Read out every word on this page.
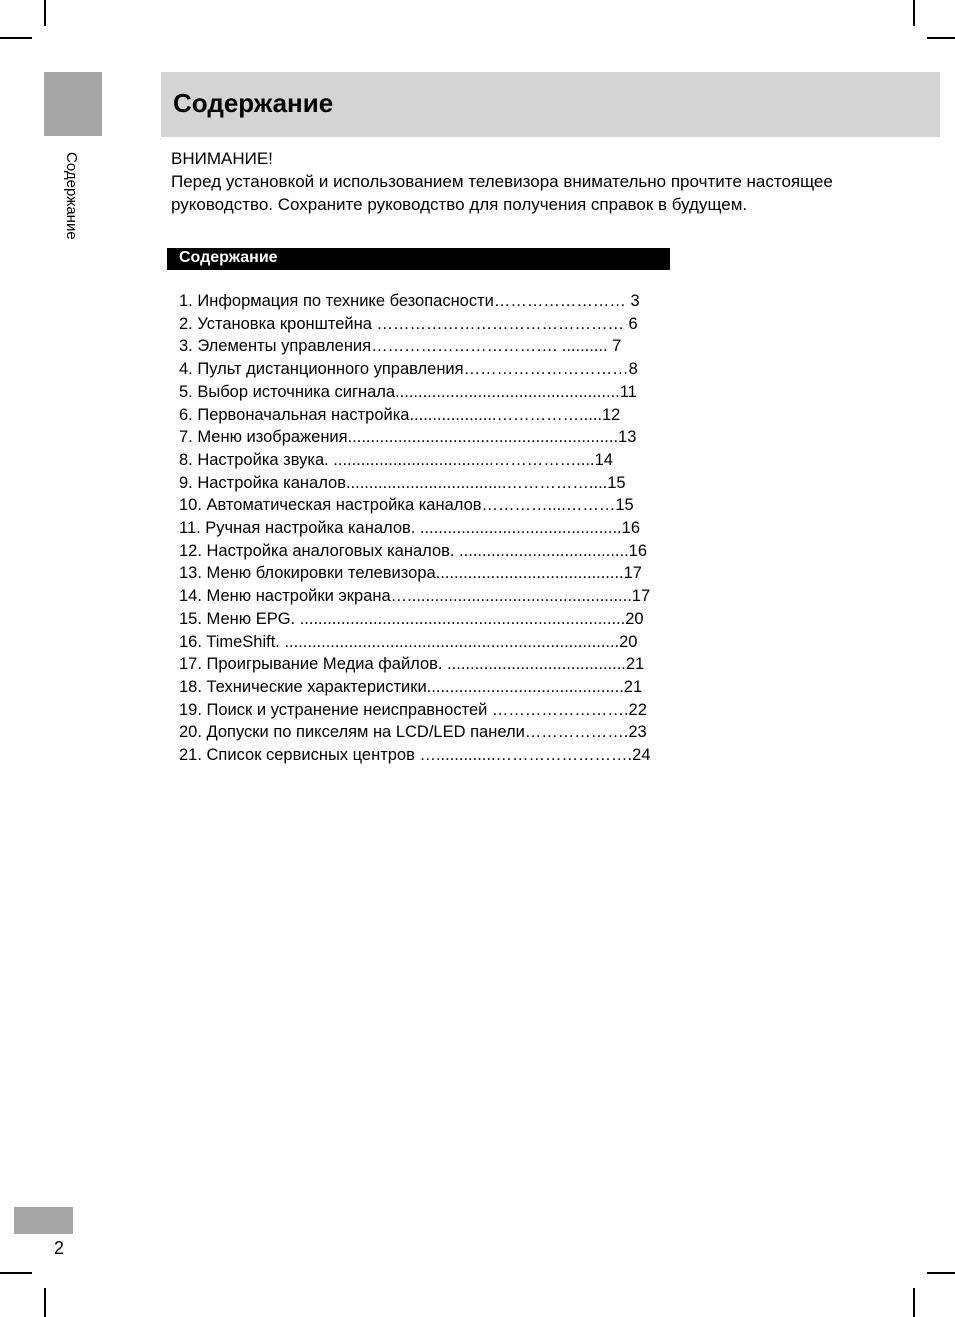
Содержание
Содержание

ВНИМАНИЕ!

Перед установкой и использованием телевизора внимательно прочтите настоящее руководство. Сохраните руководство для получения справок в будущем.

Содержание
1. Информация по технике безопасности…………………… 3
2. Установка кронштейна ……………………………………… 6
3. Элементы управления……………………………. .......... 7
4. Пульт дистанционного управления…………………………8
5. Выбор источника сигнала.................................................11
6. Первоначальная настройка...................…………….....12
7. Меню изображения...........................................................13
8. Настройка звука. ...................................……………....14
9. Настройка каналов...................................……………....15
10. Автоматическая настройка каналов…………....………15
11. Ручная настройка каналов. ............................................16
12. Настройка аналоговых каналов. .....................................16
13. Меню блокировки телевизора.........................................17
14. Меню настройки экрана….................................................17
15. Меню EPG. .......................................................................20
16. TimeShift. .........................................................................20
17. Проигрывание Медиа файлов. .......................................21
18. Технические характеристики...........................................21
19. Поиск и устранение неисправностей …………………….22
20. Допуски по пикселям на LCD/LED панели……………….23
21. Список сервисных центров ….............…………………….24
2
